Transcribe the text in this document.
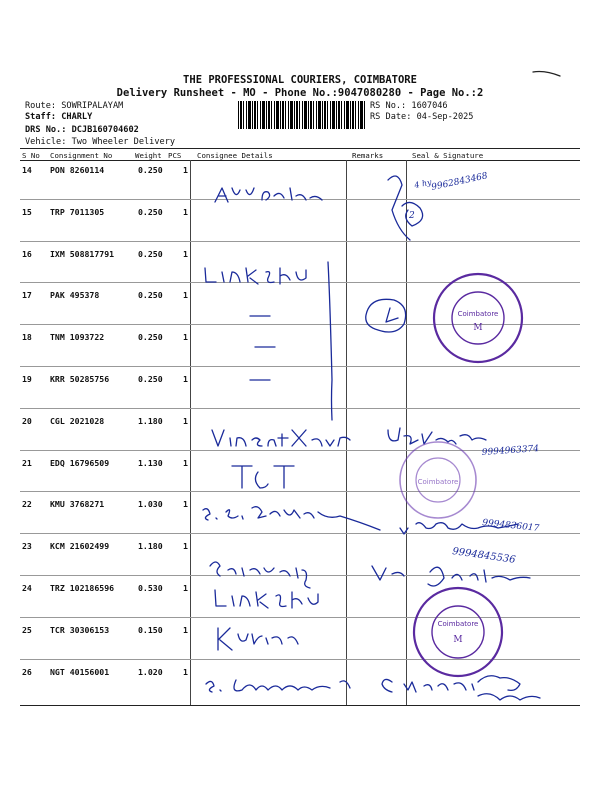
THE PROFESSIONAL COURIERS, COIMBATORE
Delivery Runsheet - MO - Phone No.:9047080280 - Page No.:2
Route: SOWRIPALAYAM
Staff: CHARLY
DRS No.: DCJB160704602
Vehicle: Two Wheeler Delivery
RS No.: 1607046
RS Date: 04-Sep-2025
S No Consignment No	Weight PCS Consignee Details	Remarks	Seal & Signature
14 PON 8260114	0.250 1
15 TRP 7011305	0.250 1
16 IXM 508817791	0.250 1
17 PAK 495378	0.250 1
18 TNM 1093722	0.250 1
19 KRR 50285756	0.250 1
20 CGL 2021028	1.180 1
21 EDQ 16796509	1.130 1
22 KMU 3768271	1.030 1
23 KCM 21602499	1.180 1
24 TRZ 102186596	0.530 1
25 TCR 30306153	0.150 1
26 NGT 40156001	1.020 1
4 hy
9962843468
2
9994963374
9994836017
9994845536
Coimbatore
M
Coimbatore
Coimbatore
M
